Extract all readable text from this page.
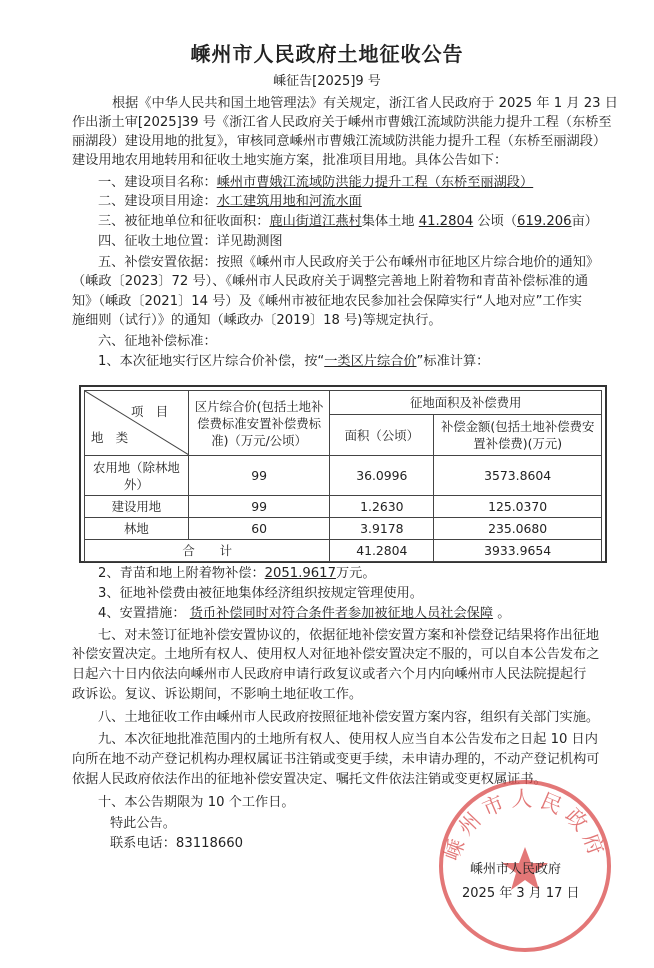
嵊州市人民政府土地征收公告
嵊征告[2025]9 号
根据《中华人民共和国土地管理法》有关规定，浙江省人民政府于 2025 年 1 月 23 日
作出浙土审[2025]39 号《浙江省人民政府关于嵊州市曹娥江流域防洪能力提升工程（东桥至
丽湖段）建设用地的批复》，审核同意嵊州市曹娥江流域防洪能力提升工程（东桥至丽湖段）
建设用地农用地转用和征收土地实施方案，批准项目用地。具体公告如下：
一、建设项目名称：嵊州市曹娥江流域防洪能力提升工程（东桥至丽湖段）
二、建设项目用途：水工建筑用地和河流水面
三、被征地单位和征收面积：鹿山街道江燕村集体土地 41.2804 公顷（619.206亩）
四、征收土地位置：详见勘测图
五、补偿安置依据：按照《嵊州市人民政府关于公布嵊州市征地区片综合地价的通知》
（嵊政〔2023〕72 号）、《嵊州市人民政府关于调整完善地上附着物和青苗补偿标准的通
知》（嵊政〔2021〕14 号）及《嵊州市被征地农民参加社会保障实行“人地对应”工作实
施细则（试行）》的通知（嵊政办〔2019〕18 号)等规定执行。
六、征地补偿标准：
1、本次征地实行区片综合价补偿，按“一类区片综合价”标准计算：
项　目
地　类	区片综合价(包括土地补偿费标准安置补偿费标准)（万元/公顷）	征地面积及补偿费用	
		面积（公顷）	补偿金额(包括土地补偿费安置补偿费)(万元)
农用地（除林地外）	99	36.0996	3573.8604
建设用地	99	1.2630	125.0370
林地	60	3.9178	235.0680
合　　计		41.2804	3933.9654
2、青苗和地上附着物补偿：2051.9617万元。
3、征地补偿费由被征地集体经济组织按规定管理使用。
4、安置措施： 货币补偿同时对符合条件者参加被征地人员社会保障 。
七、对未签订征地补偿安置协议的，依据征地补偿安置方案和补偿登记结果将作出征地
补偿安置决定。土地所有权人、使用权人对征地补偿安置决定不服的，可以自本公告发布之
日起六十日内依法向嵊州市人民政府申请行政复议或者六个月内向嵊州市人民法院提起行
政诉讼。复议、诉讼期间，不影响土地征收工作。
八、土地征收工作由嵊州市人民政府按照征地补偿安置方案内容，组织有关部门实施。
九、本次征地批准范围内的土地所有权人、使用权人应当自本公告发布之日起 10 日内
向所在地不动产登记机构办理权属证书注销或变更手续，未申请办理的，不动产登记机构可
依据人民政府依法作出的征地补偿安置决定、嘱托文件依法注销或变更权属证书。
十、本公告期限为 10 个工作日。
特此公告。
联系电话：83118660	嵊州市人民政府
嵊州市人民政府
2025 年 3 月 17 日
